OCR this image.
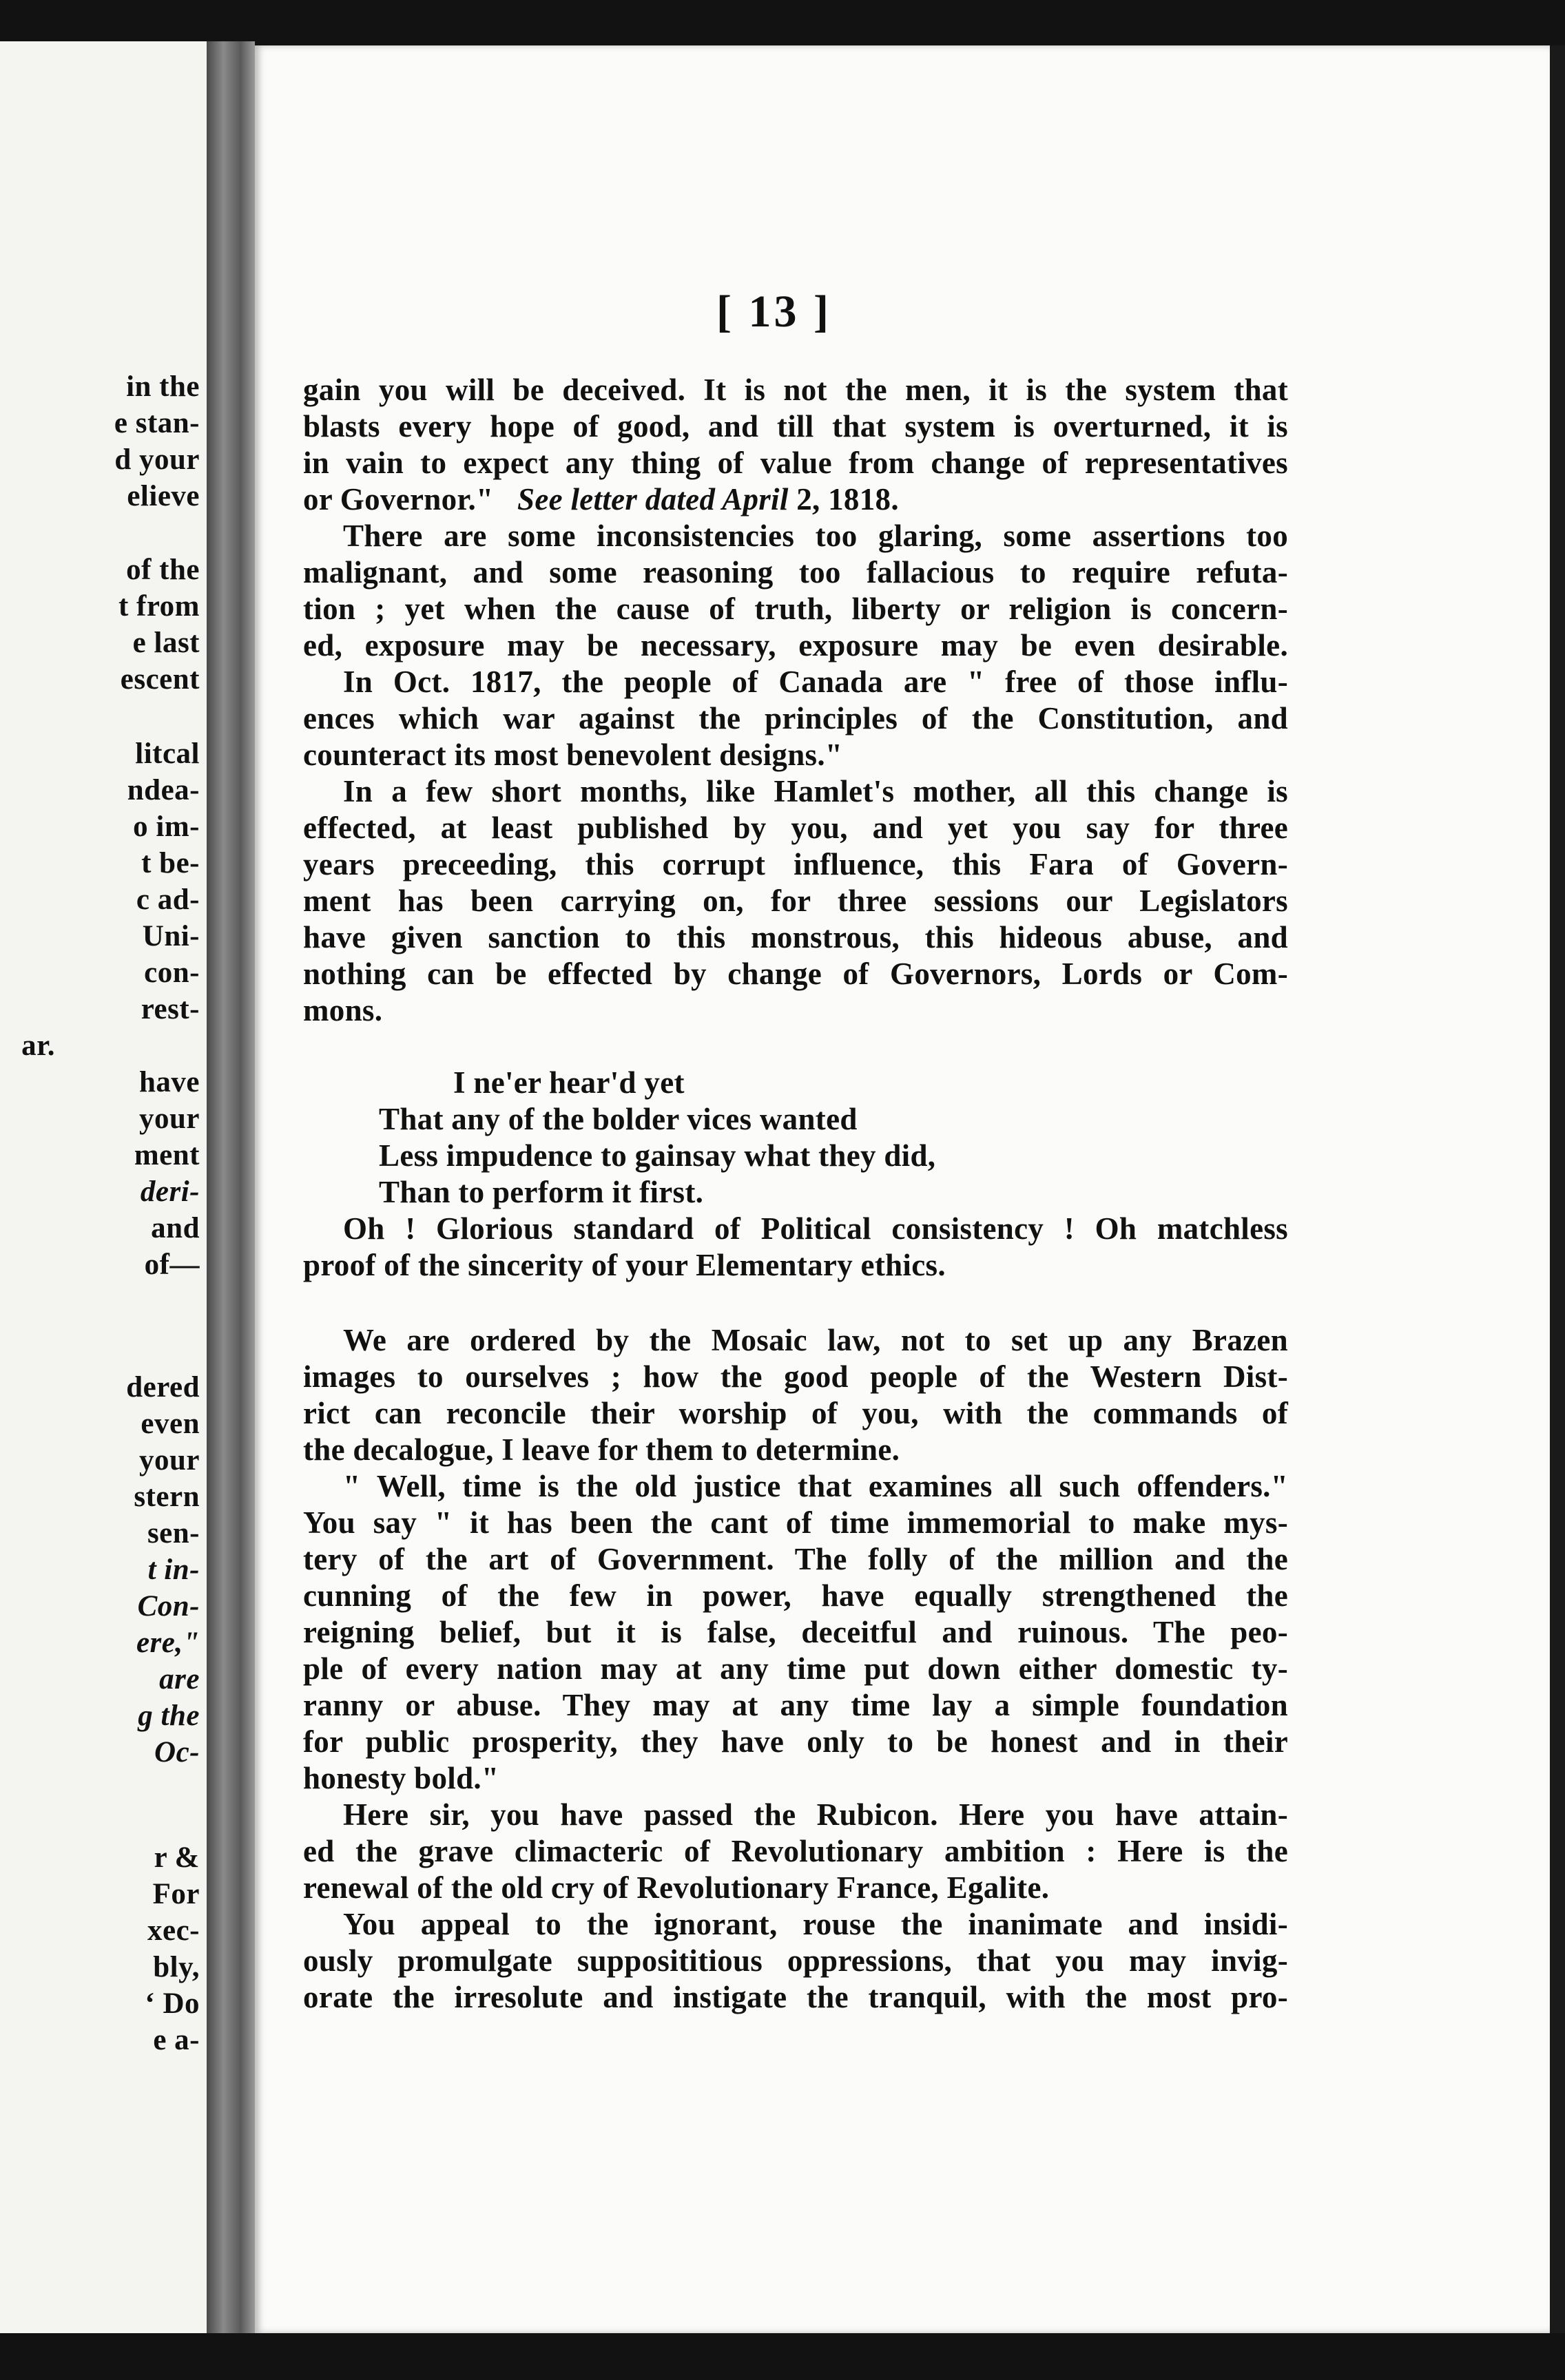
in the

e stan-

d your

elieve

of the

t from

e last

escent

litcal

ndea-

o im-

t be-

c ad-

Uni-

con-

rest-

ar.

have

your

ment

deri-

and

of—

dered

even

your

stern

sen-

t in-

Con-

ere,"

are

g the

Oc-

r &

For

xec-

bly,

‘ Do

e a-

[ 13 ]

gain you will be deceived. It is not the men, it is the system that

blasts every hope of good, and till that system is overturned, it is

in vain to expect any thing of value from change of representatives

or Governor." See letter dated April 2, 1818.

There are some inconsistencies too glaring, some assertions too

malignant, and some reasoning too fallacious to require refuta-

tion ; yet when the cause of truth, liberty or religion is concern-

ed, exposure may be necessary, exposure may be even desirable.

In Oct. 1817, the people of Canada are " free of those influ-

ences which war against the principles of the Constitution, and

counteract its most benevolent designs."

In a few short months, like Hamlet's mother, all this change is

effected, at least published by you, and yet you say for three

years preceeding, this corrupt influence, this Fara of Govern-

ment has been carrying on, for three sessions our Legislators

have given sanction to this monstrous, this hideous abuse, and

nothing can be effected by change of Governors, Lords or Com-

mons.

I ne'er hear'd yet

That any of the bolder vices wanted

Less impudence to gainsay what they did,

Than to perform it first.

Oh ! Glorious standard of Political consistency ! Oh matchless

proof of the sincerity of your Elementary ethics.

We are ordered by the Mosaic law, not to set up any Brazen

images to ourselves ; how the good people of the Western Dist-

rict can reconcile their worship of you, with the commands of

the decalogue, I leave for them to determine.

" Well, time is the old justice that examines all such offenders."

You say " it has been the cant of time immemorial to make mys-

tery of the art of Government. The folly of the million and the

cunning of the few in power, have equally strengthened the

reigning belief, but it is false, deceitful and ruinous. The peo-

ple of every nation may at any time put down either domestic ty-

ranny or abuse. They may at any time lay a simple foundation

for public prosperity, they have only to be honest and in their

honesty bold."

Here sir, you have passed the Rubicon. Here you have attain-

ed the grave climacteric of Revolutionary ambition : Here is the

renewal of the old cry of Revolutionary France, Egalite.

You appeal to the ignorant, rouse the inanimate and insidi-

ously promulgate supposititious oppressions, that you may invig-

orate the irresolute and instigate the tranquil, with the most pro-
